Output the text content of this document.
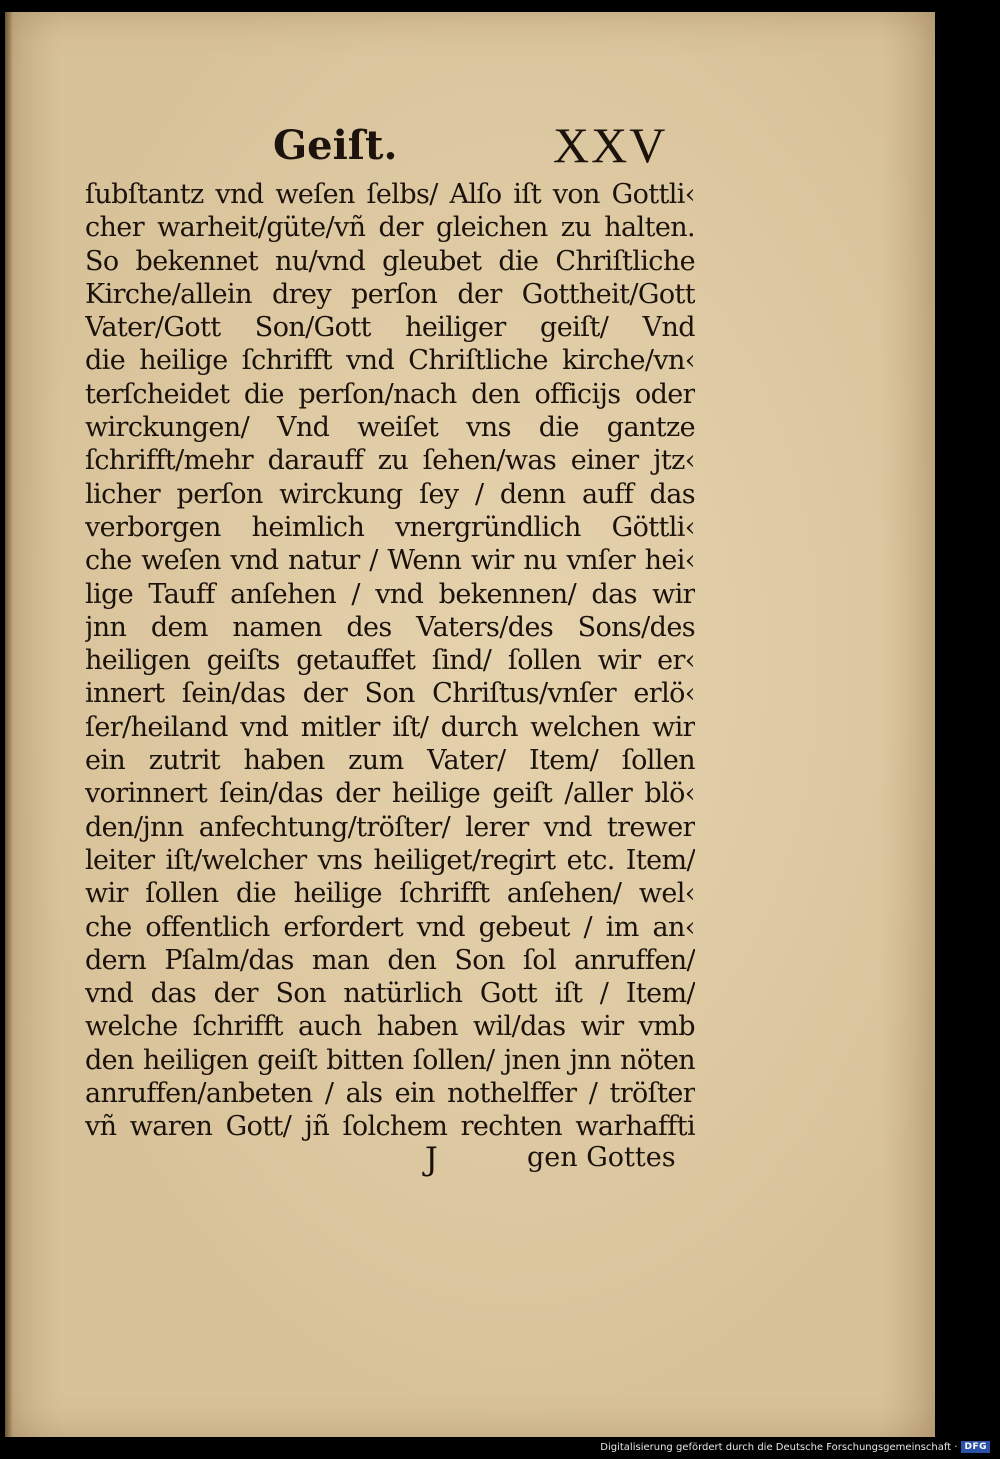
Geiſt.	XXV
ſubſtantz vnd weſen ſelbs/ Alſo iſt von Gottli‹
cher warheit/güte/vñ der gleichen zu halten.
So bekennet nu/vnd gleubet die Chriſtliche
Kirche/allein drey perſon der Gottheit/Gott
Vater/Gott Son/Gott heiliger geiſt/ Vnd
die heilige ſchrifft vnd Chriſtliche kirche/vn‹
terſcheidet die perſon/nach den officijs oder
wirckungen/ Vnd weiſet vns die gantze
ſchrifft/mehr darauff zu ſehen/was einer jtz‹
licher perſon wirckung ſey / denn auff das
verborgen heimlich vnergründlich Göttli‹
che weſen vnd natur / Wenn wir nu vnſer hei‹
lige Tauff anſehen / vnd bekennen/ das wir
jnn dem namen des Vaters/des Sons/des
heiligen geiſts getauffet ſind/ ſollen wir er‹
innert ſein/das der Son Chriſtus/vnſer erlö‹
ſer/heiland vnd mitler iſt/ durch welchen wir
ein zutrit haben zum Vater/ Item/ ſollen
vorinnert ſein/das der heilige geiſt /aller blö‹
den/jnn anfechtung/tröſter/ lerer vnd trewer
leiter iſt/welcher vns heiliget/regirt etc. Item/
wir ſollen die heilige ſchrifft anſehen/ wel‹
che offentlich erfordert vnd gebeut / im an‹
dern Pſalm/das man den Son ſol anruffen/
vnd das der Son natürlich Gott iſt / Item/
welche ſchrifft auch haben wil/das wir vmb
den heiligen geiſt bitten ſollen/ jnen jnn nöten
anruffen/anbeten / als ein nothelffer / tröſter
vñ waren Gott/ jñ ſolchem rechten warhaffti
J	gen Gottes
Digitalisierung gefördert durch die Deutsche Forschungsgemeinschaft · DFG
